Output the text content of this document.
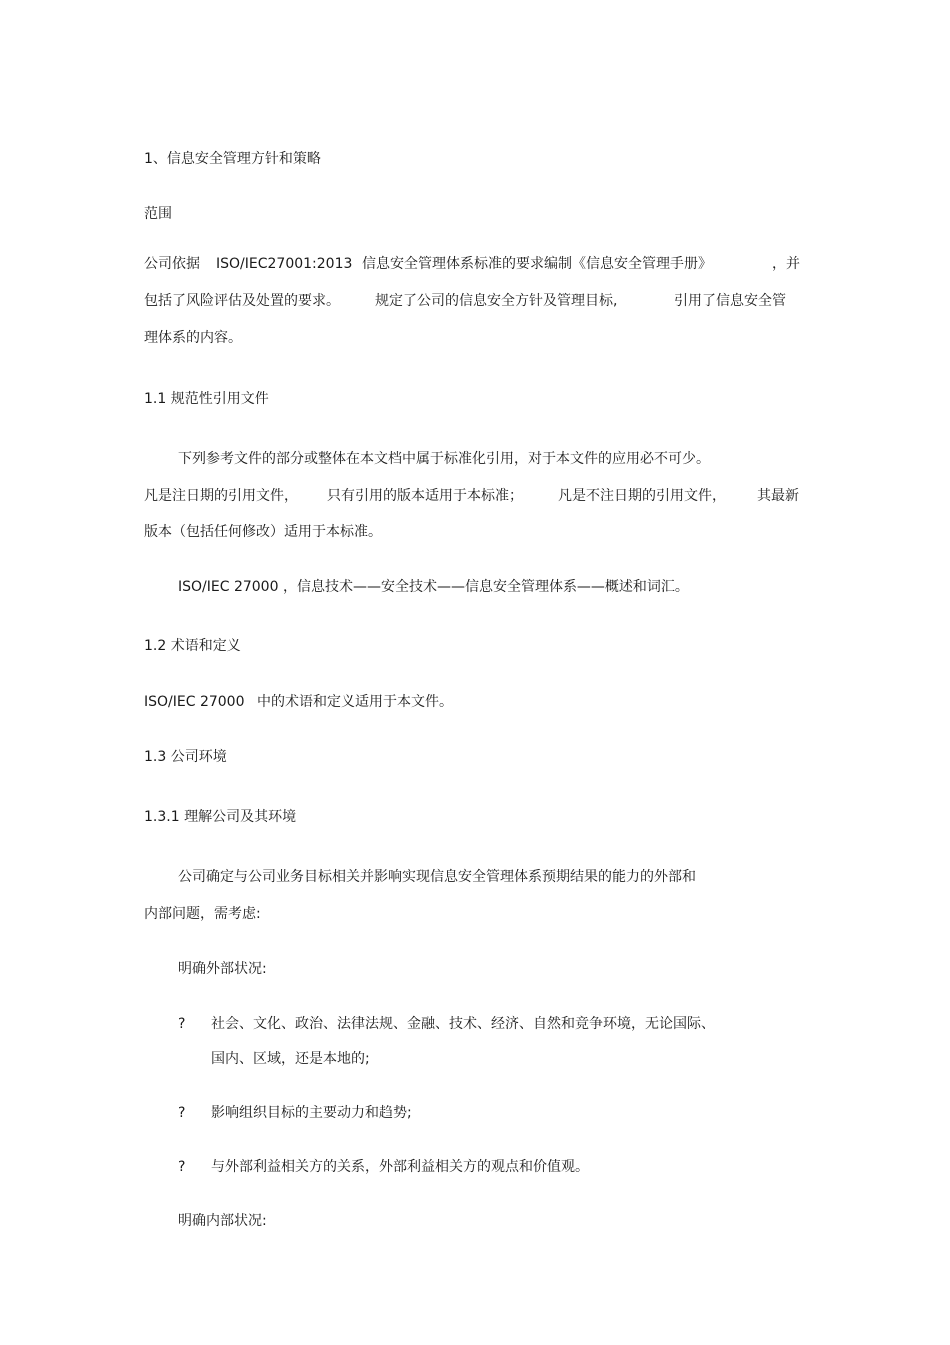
1、信息安全管理方针和策略
范围
公司依据 ISO/IEC27001:2013 信息安全管理体系标准的要求编制《信息安全管理手册》	，并
包括了风险评估及处置的要求。	规定了公司的信息安全方针及管理目标,	引用了信息安全管
理体系的内容。
1.1 规范性引用文件
下列参考文件的部分或整体在本文档中属于标准化引用，对于本文件的应用必不可少。
凡是注日期的引用文件， 只有引用的版本适用于本标准；	凡是不注日期的引用文件， 其最新
版本（包括任何修改）适用于本标准。
ISO/IEC 27000 ，信息技术——安全技术——信息安全管理体系——概述和词汇。
1.2 术语和定义
ISO/IEC 27000 中的术语和定义适用于本文件。
1.3 公司环境
1.3.1 理解公司及其环境
公司确定与公司业务目标相关并影响实现信息安全管理体系预期结果的能力的外部和
内部问题，需考虑:
明确外部状况:
? 社会、文化、政治、法律法规、金融、技术、经济、自然和竞争环境，无论国际、
国内、区域，还是本地的;
? 影响组织目标的主要动力和趋势;
? 与外部利益相关方的关系，外部利益相关方的观点和价值观。
明确内部状况:
